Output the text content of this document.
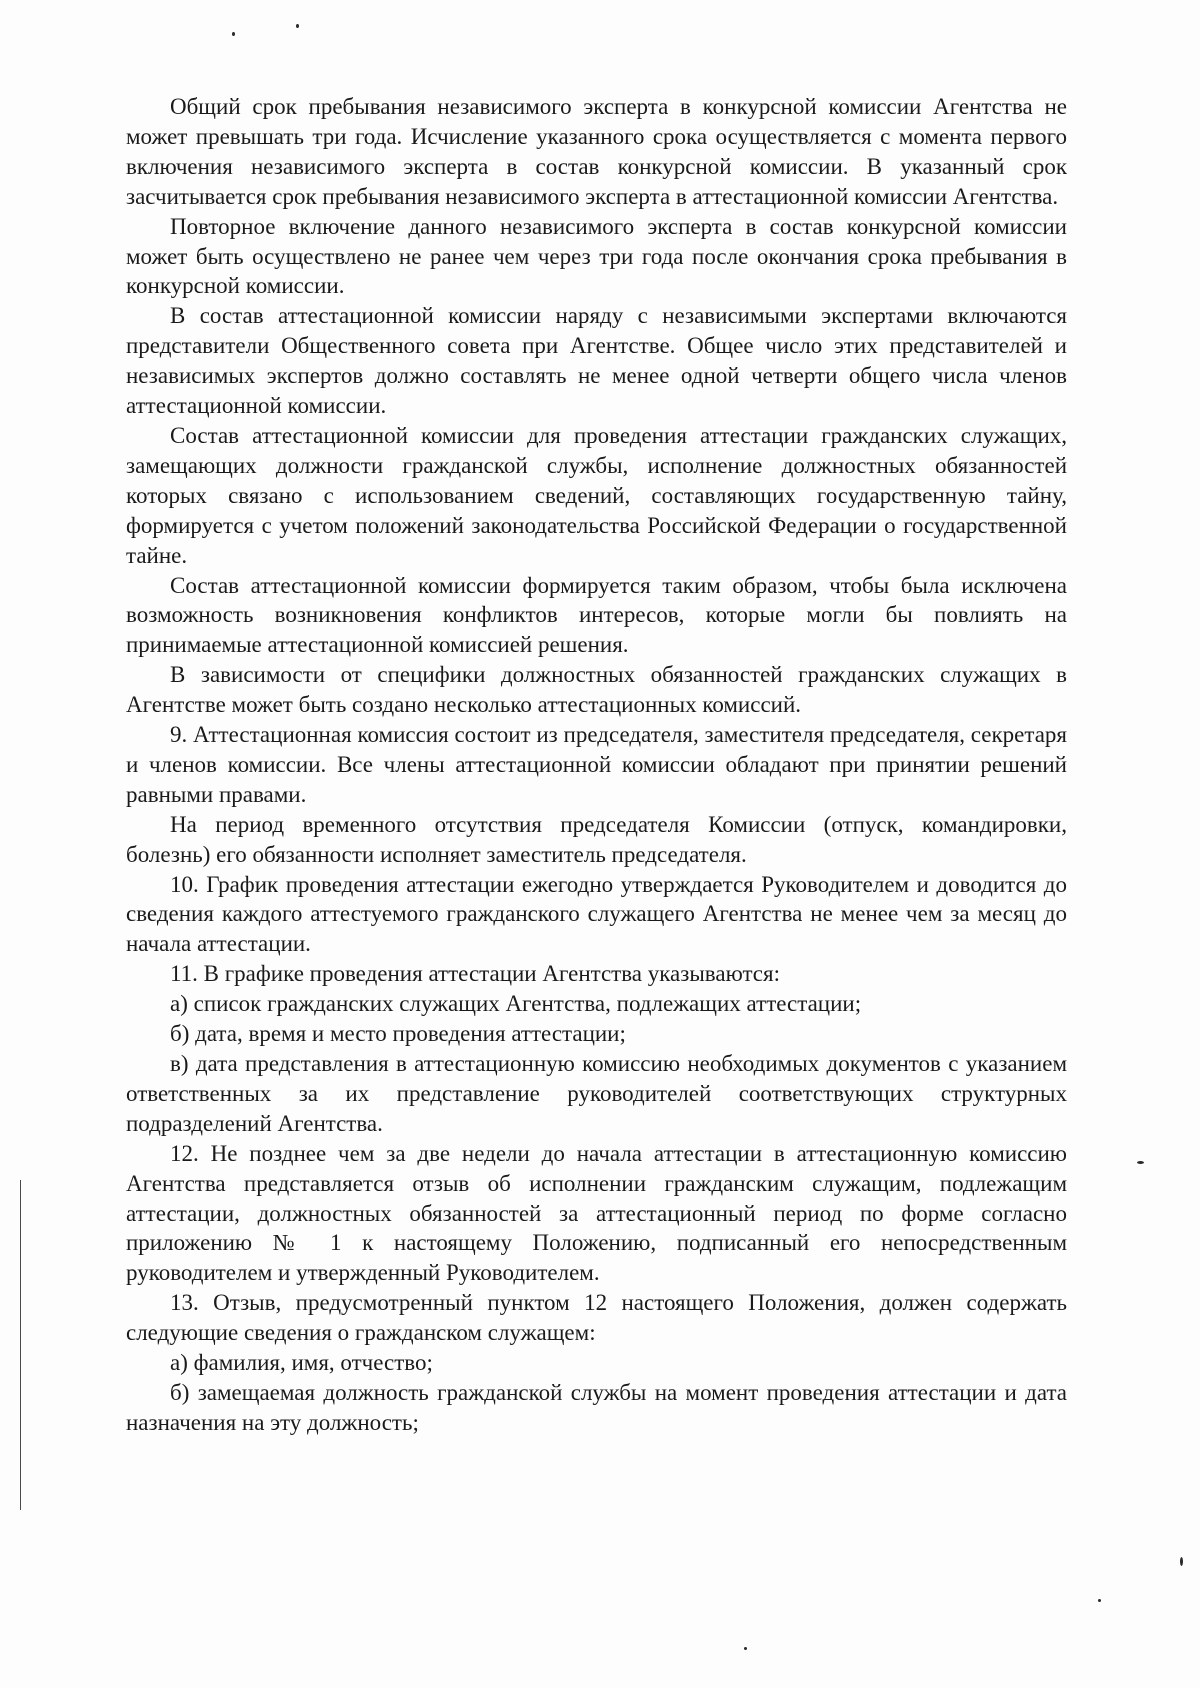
Общий срок пребывания независимого эксперта в конкурсной комиссии Агентства не может превышать три года. Исчисление указанного срока осуществляется с момента первого включения независимого эксперта в состав конкурсной комиссии. В указанный срок засчитывается срок пребывания независимого эксперта в аттестационной комиссии Агентства.

Повторное включение данного независимого эксперта в состав конкурсной комиссии может быть осуществлено не ранее чем через три года после окончания срока пребывания в конкурсной комиссии.

В состав аттестационной комиссии наряду с независимыми экспертами включаются представители Общественного совета при Агентстве. Общее число этих представителей и независимых экспертов должно составлять не менее одной четверти общего числа членов аттестационной комиссии.

Состав аттестационной комиссии для проведения аттестации гражданских служащих, замещающих должности гражданской службы, исполнение должностных обязанностей которых связано с использованием сведений, составляющих государственную тайну, формируется с учетом положений законодательства Российской Федерации о государственной тайне.

Состав аттестационной комиссии формируется таким образом, чтобы была исключена возможность возникновения конфликтов интересов, которые могли бы повлиять на принимаемые аттестационной комиссией решения.

В зависимости от специфики должностных обязанностей гражданских служащих в Агентстве может быть создано несколько аттестационных комиссий.

9. Аттестационная комиссия состоит из председателя, заместителя председателя, секретаря и членов комиссии. Все члены аттестационной комиссии обладают при принятии решений равными правами.

На период временного отсутствия председателя Комиссии (отпуск, командировки, болезнь) его обязанности исполняет заместитель председателя.

10. График проведения аттестации ежегодно утверждается Руководителем и доводится до сведения каждого аттестуемого гражданского служащего Агентства не менее чем за месяц до начала аттестации.

11. В графике проведения аттестации Агентства указываются:

а) список гражданских служащих Агентства, подлежащих аттестации;

б) дата, время и место проведения аттестации;

в) дата представления в аттестационную комиссию необходимых документов с указанием ответственных за их представление руководителей соответствующих структурных подразделений Агентства.

12. Не позднее чем за две недели до начала аттестации в аттестационную комиссию Агентства представляется отзыв об исполнении гражданским служащим, подлежащим аттестации, должностных обязанностей за аттестационный период по форме согласно приложению № 1 к настоящему Положению, подписанный его непосредственным руководителем и утвержденный Руководителем.

13. Отзыв, предусмотренный пунктом 12 настоящего Положения, должен содержать следующие сведения о гражданском служащем:

а) фамилия, имя, отчество;

б) замещаемая должность гражданской службы на момент проведения аттестации и дата назначения на эту должность;
